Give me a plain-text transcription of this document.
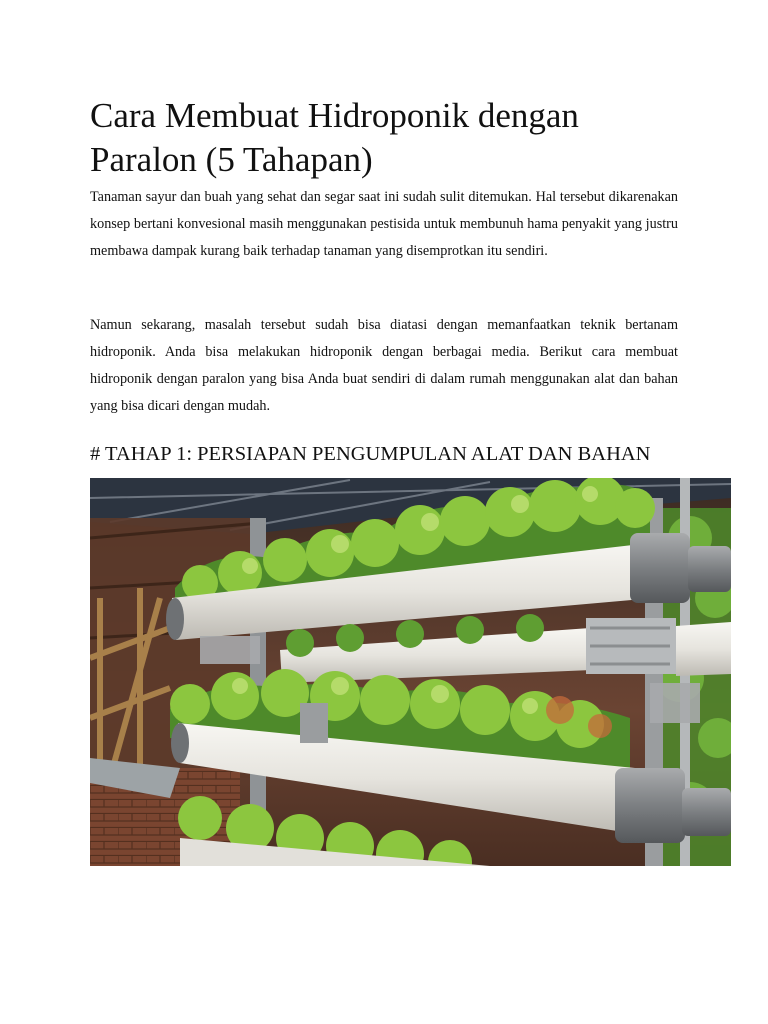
Cara Membuat Hidroponik dengan Paralon (5 Tahapan)

Tanaman sayur dan buah yang sehat dan segar saat ini sudah sulit ditemukan. Hal tersebut dikarenakan konsep bertani konvesional masih menggunakan pestisida untuk membunuh hama penyakit yang justru membawa dampak kurang baik terhadap tanaman yang disemprotkan itu sendiri.

Namun sekarang, masalah tersebut sudah bisa diatasi dengan memanfaatkan teknik bertanam hidroponik. Anda bisa melakukan hidroponik dengan berbagai media. Berikut cara membuat hidroponik dengan paralon yang bisa Anda buat sendiri di dalam rumah menggunakan alat dan bahan yang bisa dicari dengan mudah.

# TAHAP 1: PERSIAPAN PENGUMPULAN ALAT DAN BAHAN
